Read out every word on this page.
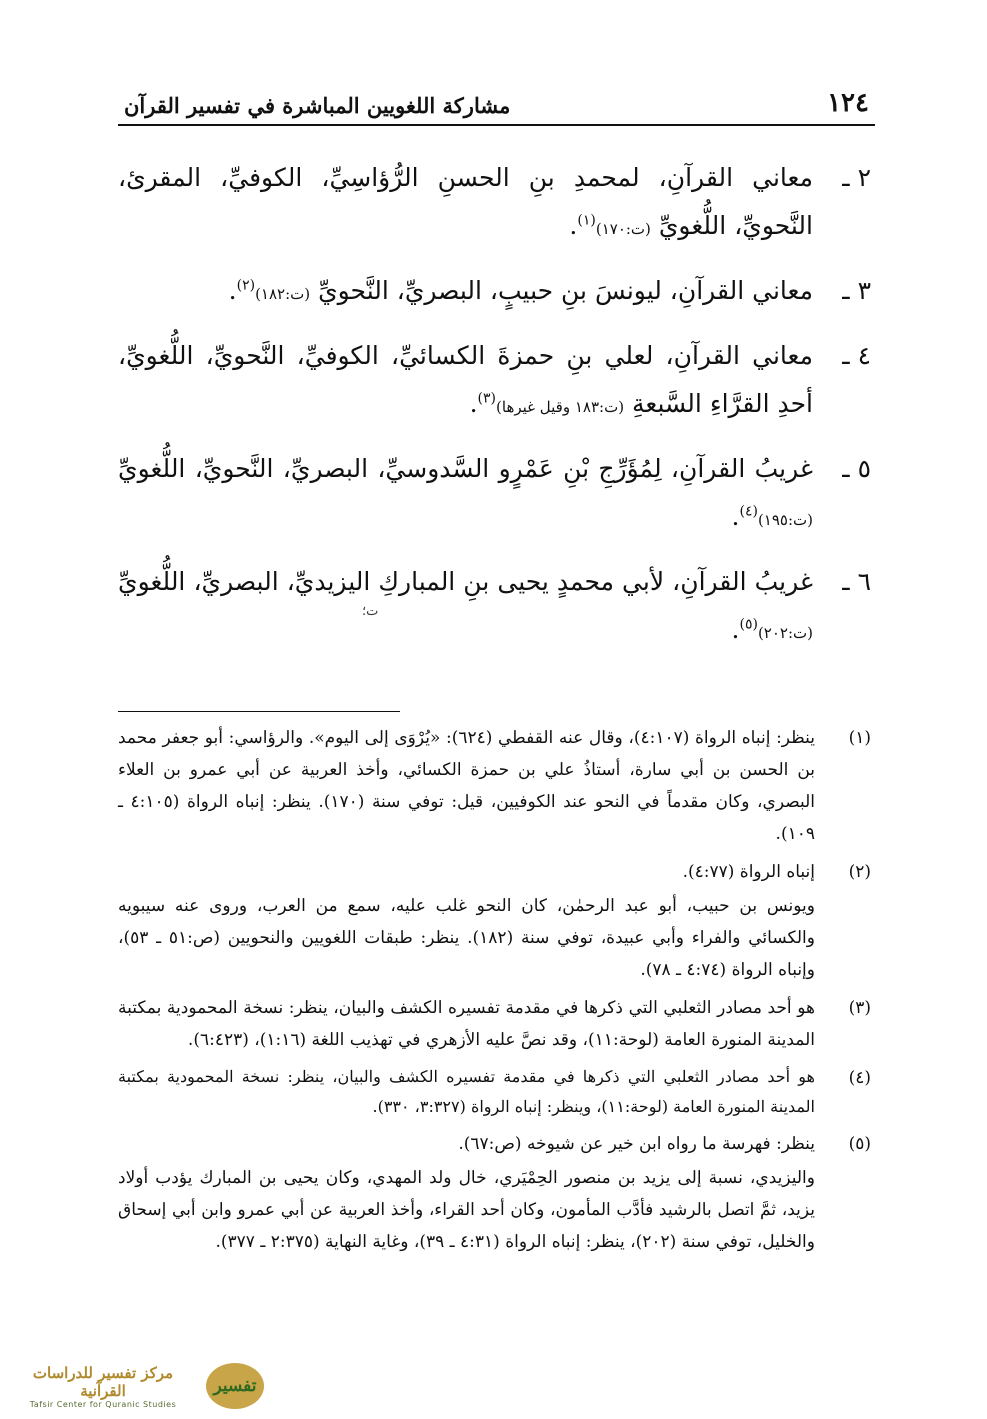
١٢٤
مشاركة اللغويين المباشرة في تفسير القرآن
٢ ـ
معاني القرآنِ، لمحمدِ بنِ الحسنِ الرُّؤاسِيِّ، الكوفيِّ، المقرئ، النَّحويِّ، اللُّغويِّ (ت:١٧٠)$^{(١)}$.
٣ ـ
معاني القرآنِ، ليونسَ بنِ حبيبٍ، البصريِّ، النَّحويِّ (ت:١٨٢)$^{(٢)}$.
٤ ـ
معاني القرآنِ، لعلي بنِ حمزةَ الكسائيِّ، الكوفيِّ، النَّحويِّ، اللُّغويِّ، أحدِ القرَّاءِ السَّبعةِ (ت:١٨٣ وقيل غيرها)$^{(٣)}$.
٥ ـ
غريبُ القرآنِ، لِمُؤَرِّجِ بْنِ عَمْرٍو السَّدوسيِّ، البصريِّ، النَّحويِّ، اللُّغويِّ (ت:١٩٥)$^{(٤)}$.
٦ ـ
غريبُ القرآنِ، لأبي محمدٍ يحيى بنِ المباركِ اليزيديِّ، البصريِّ، اللُّغويِّ (ت:٢٠٢)$^{(٥)}$.
(١)

ينظر: إنباه الرواة (٤:١٠٧)، وقال عنه القفطي (٦٢٤): «يُرْوَى إلى اليوم». والرؤاسي: أبو جعفر محمد بن الحسن بن أبي سارة، أستاذُ علي بن حمزة الكسائي، وأخذ العربية عن أبي عمرو بن العلاء البصري، وكان مقدماً في النحو عند الكوفيين، قيل: توفي سنة (١٧٠). ينظر: إنباه الرواة (٤:١٠٥ ـ ١٠٩).

(٢)

إنباه الرواة (٤:٧٧).

ويونس بن حبيب، أبو عبد الرحمٰن، كان النحو غلب عليه، سمع من العرب، وروى عنه سيبويه والكسائي والفراء وأبي عبيدة، توفي سنة (١٨٢). ينظر: طبقات اللغويين والنحويين (ص:٥١ ـ ٥٣)، وإنباه الرواة (٤:٧٤ ـ ٧٨).

(٣)

هو أحد مصادر الثعلبي التي ذكرها في مقدمة تفسيره الكشف والبيان، ينظر: نسخة المحمودية بمكتبة المدينة المنورة العامة (لوحة:١١)، وقد نصَّ عليه الأزهري في تهذيب اللغة (١:١٦)، (٦:٤٢٣).

(٤)

هو أحد مصادر الثعلبي التي ذكرها في مقدمة تفسيره الكشف والبيان، ينظر: نسخة المحمودية بمكتبة المدينة المنورة العامة (لوحة:١١)، وينظر: إنباه الرواة (٣:٣٢٧، ٣٣٠).

(٥)

ينظر: فهرسة ما رواه ابن خير عن شيوخه (ص:٦٧).

واليزيدي، نسبة إلى يزيد بن منصور الحِمْيَري، خال ولد المهدي، وكان يحيى بن المبارك يؤدب أولاد يزيد، ثمَّ اتصل بالرشيد فأدَّب المأمون، وكان أحد القراء، وأخذ العربية عن أبي عمرو وابن أبي إسحاق والخليل، توفي سنة (٢٠٢)، ينظر: إنباه الرواة (٤:٣١ ـ ٣٩)، وغاية النهاية (٢:٣٧٥ ـ ٣٧٧).

ت؛
مركز تفسير للدراسات القرآنية
Tafsir Center for Quranic Studies
تفسير
